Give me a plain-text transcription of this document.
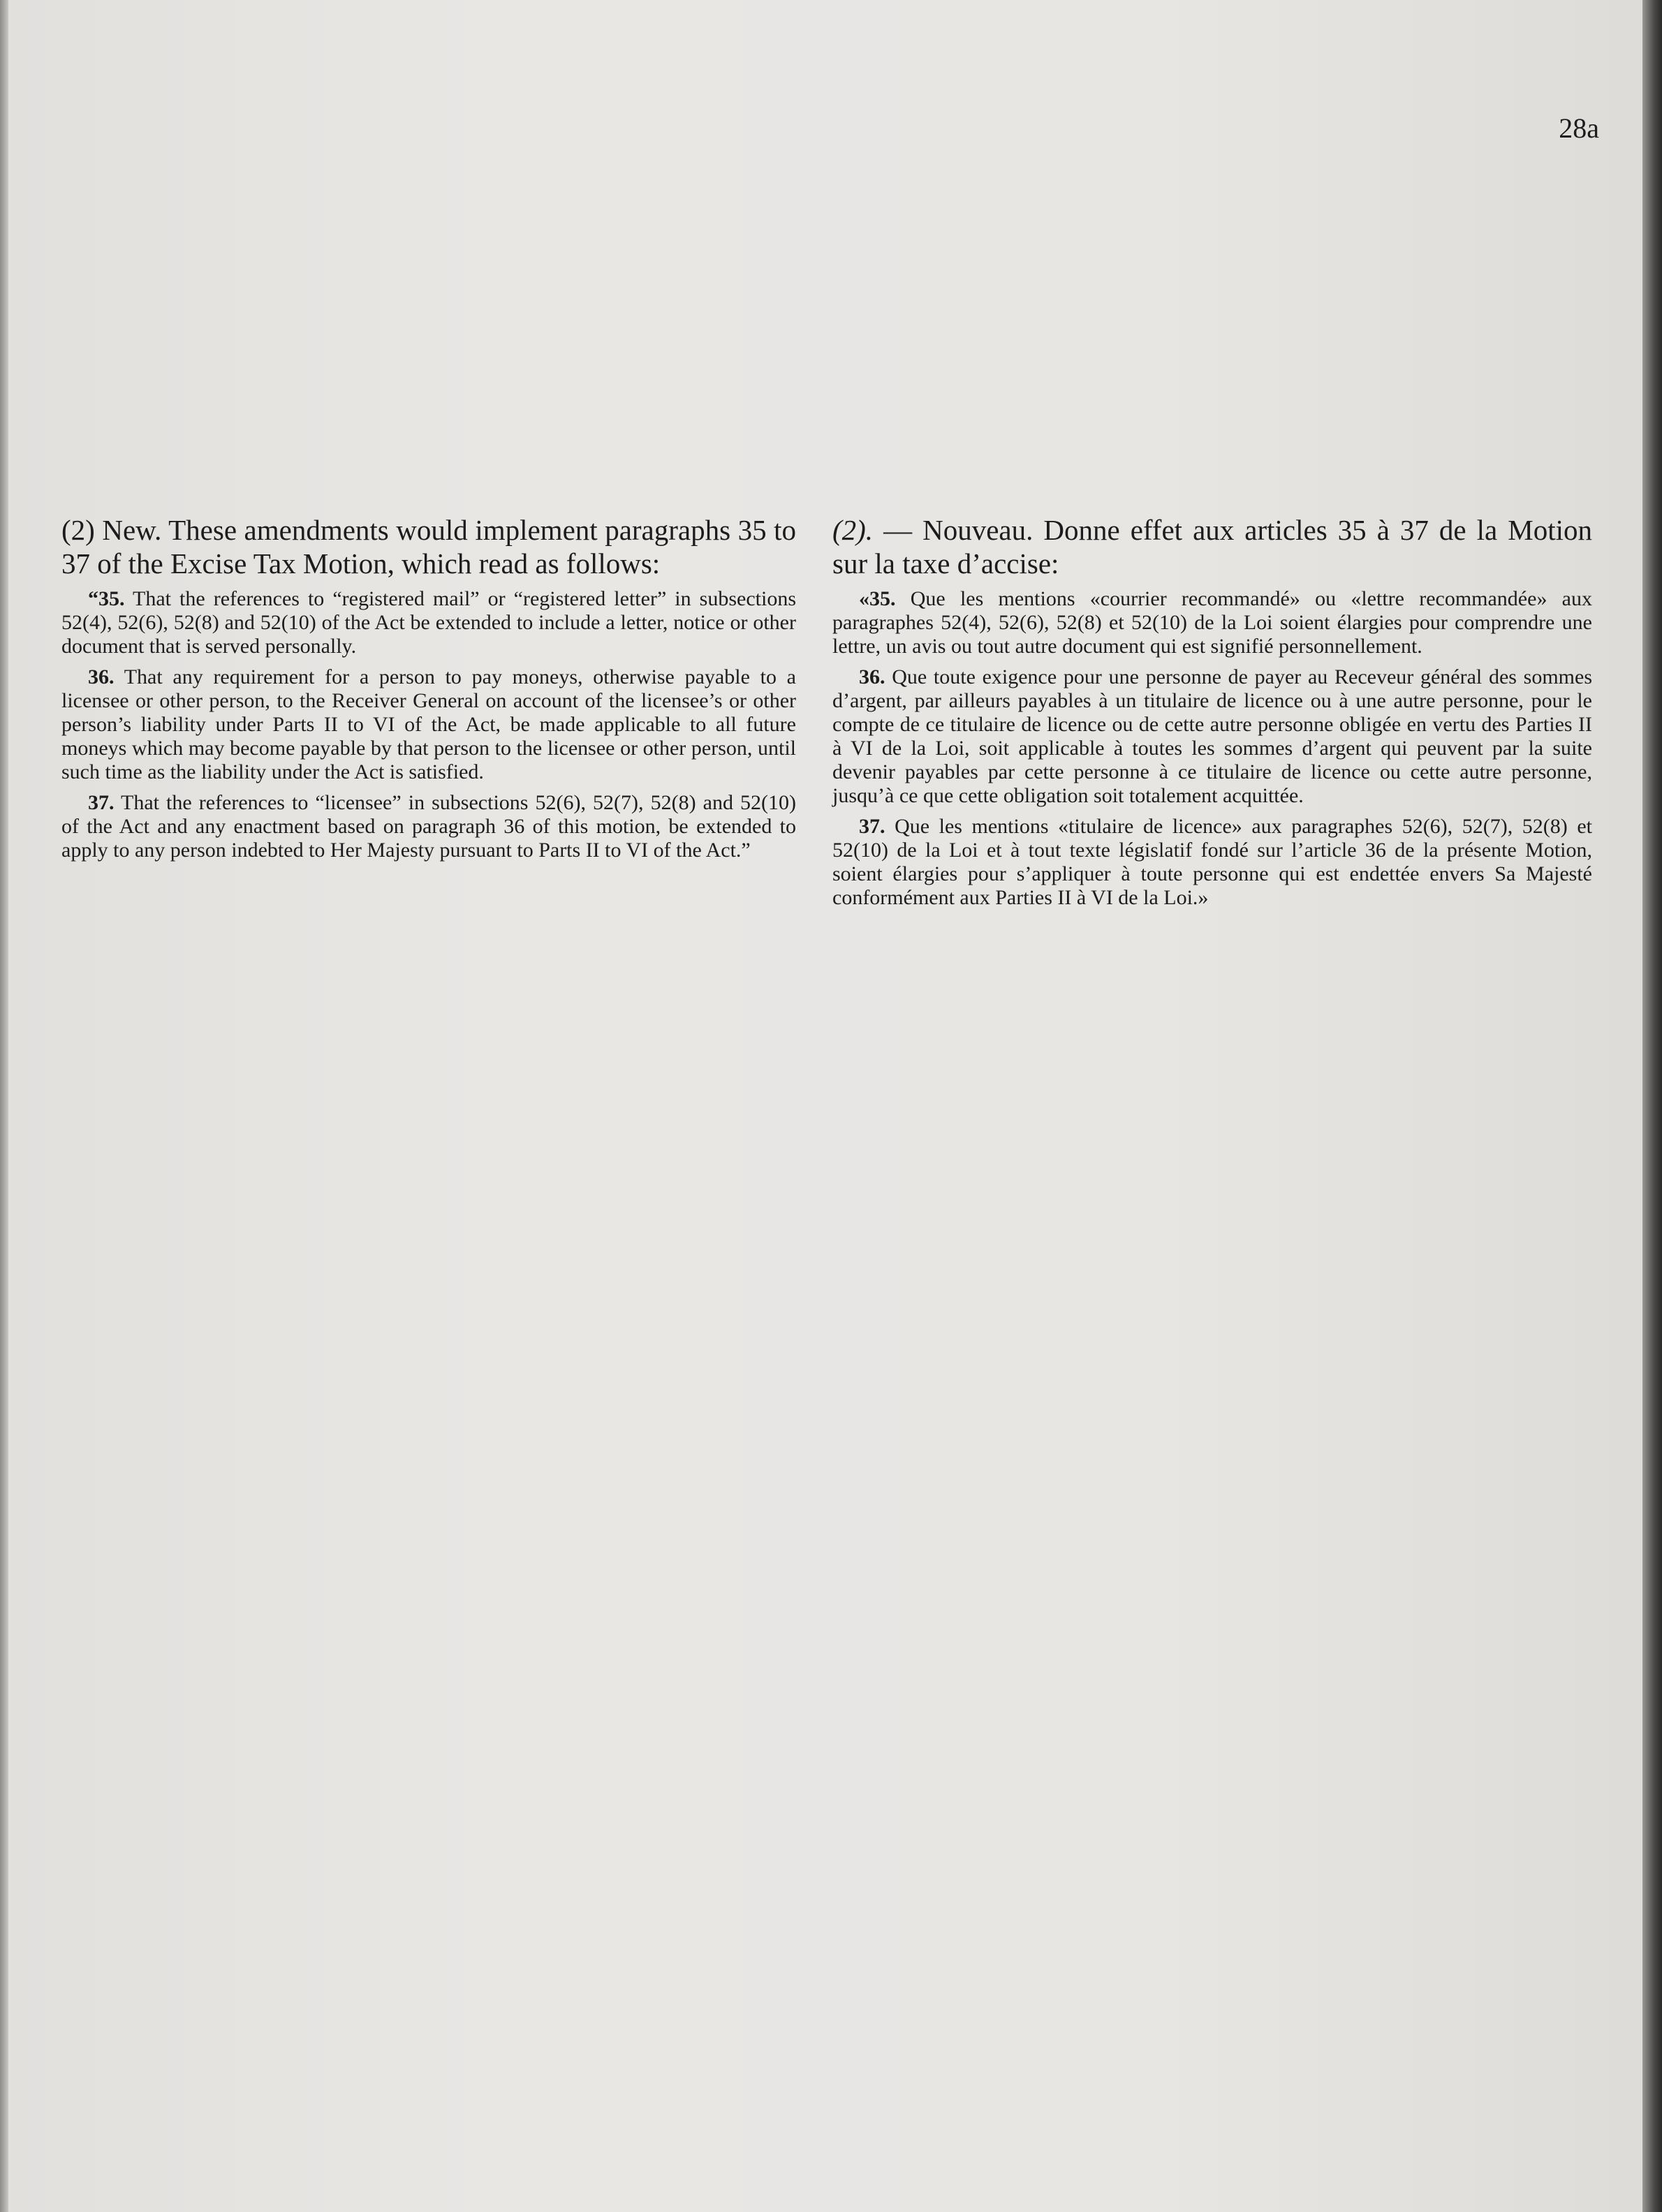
28a

(2) New. These amendments would implement paragraphs 35 to 37 of the Excise Tax Motion, which read as follows:

“35. That the references to “registered mail” or “registered letter” in subsections 52(4), 52(6), 52(8) and 52(10) of the Act be extended to include a letter, notice or other document that is served personally.

36. That any requirement for a person to pay moneys, otherwise payable to a licensee or other person, to the Receiver General on account of the licensee’s or other person’s liability under Parts II to VI of the Act, be made applicable to all future moneys which may become payable by that person to the licensee or other person, until such time as the liability under the Act is satisfied.

37. That the references to “licensee” in subsections 52(6), 52(7), 52(8) and 52(10) of the Act and any enactment based on paragraph 36 of this motion, be extended to apply to any person indebted to Her Majesty pursuant to Parts II to VI of the Act.”

(2). — Nouveau. Donne effet aux articles 35 à 37 de la Motion sur la taxe d’accise:

«35. Que les mentions «courrier recommandé» ou «lettre recommandée» aux paragraphes 52(4), 52(6), 52(8) et 52(10) de la Loi soient élargies pour comprendre une lettre, un avis ou tout autre document qui est signifié personnellement.

36. Que toute exigence pour une personne de payer au Receveur général des sommes d’argent, par ailleurs payables à un titulaire de licence ou à une autre personne, pour le compte de ce titulaire de licence ou de cette autre personne obligée en vertu des Parties II à VI de la Loi, soit applicable à toutes les sommes d’argent qui peuvent par la suite devenir payables par cette personne à ce titulaire de licence ou cette autre personne, jusqu’à ce que cette obligation soit totalement acquittée.

37. Que les mentions «titulaire de licence» aux paragraphes 52(6), 52(7), 52(8) et 52(10) de la Loi et à tout texte législatif fondé sur l’article 36 de la présente Motion, soient élargies pour s’appliquer à toute personne qui est endettée envers Sa Majesté conformément aux Parties II à VI de la Loi.»
